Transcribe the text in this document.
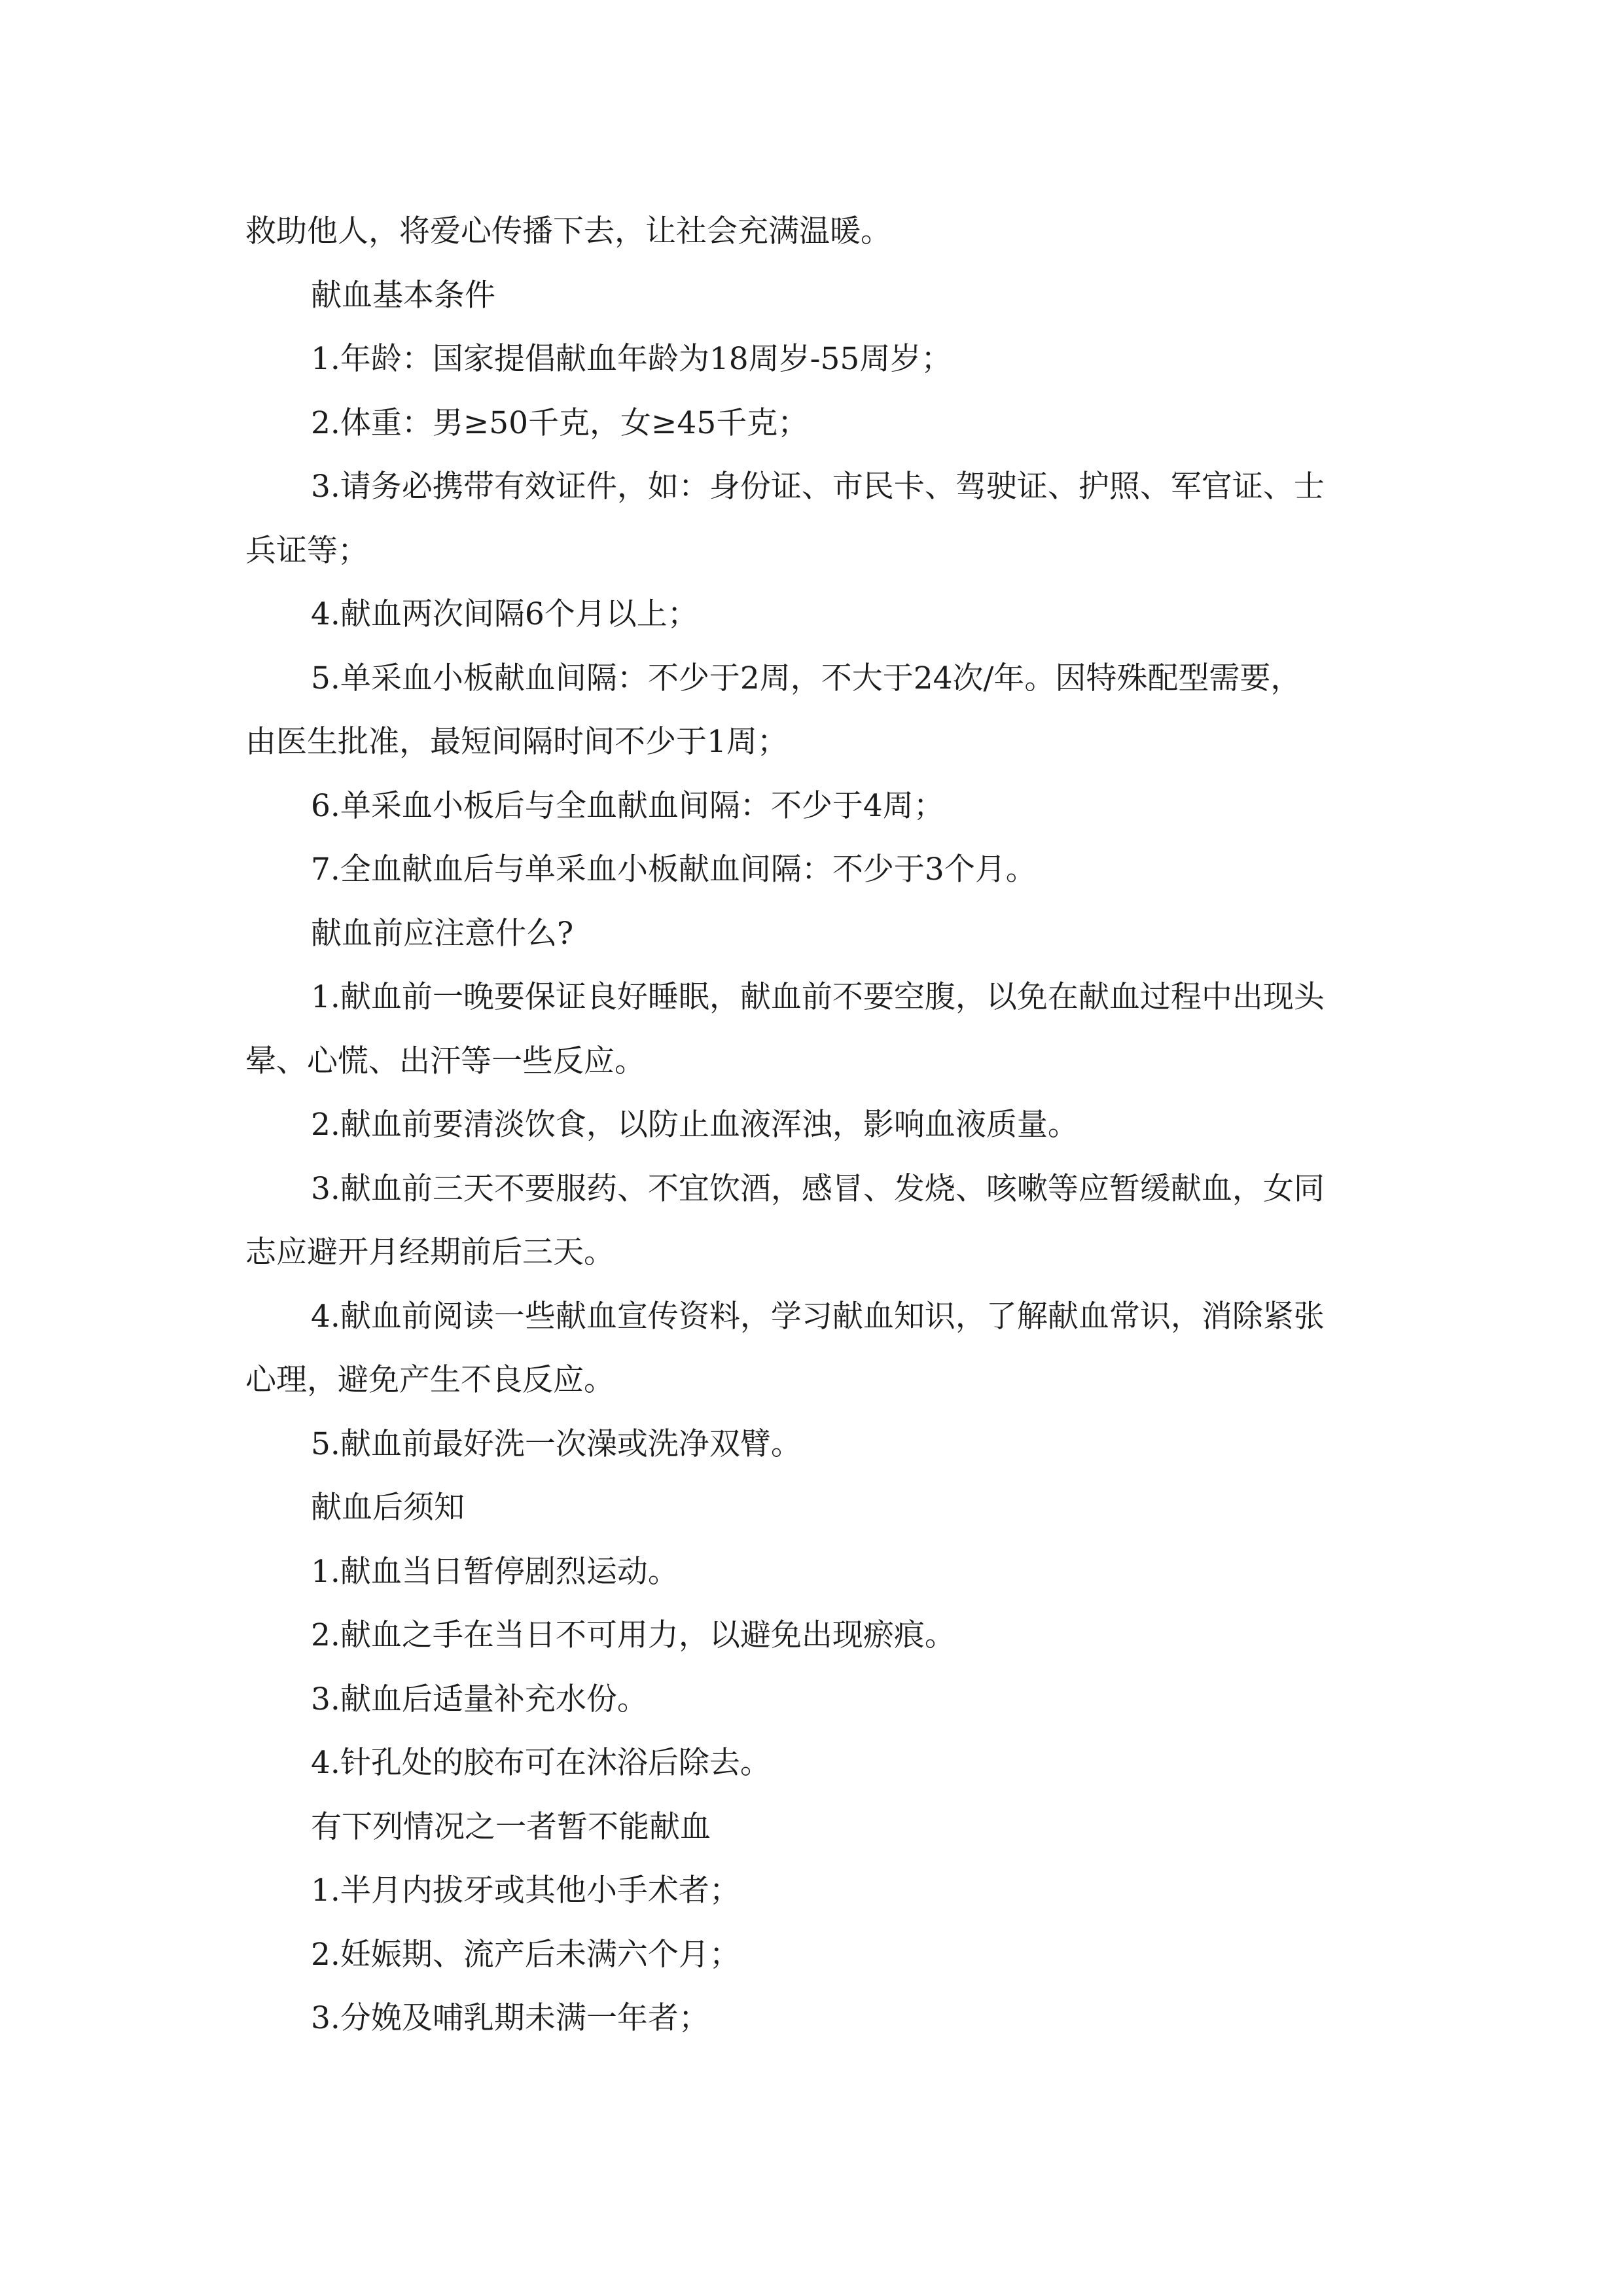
救助他人，将爱心传播下去，让社会充满温暖。
献血基本条件
1.年龄：国家提倡献血年龄为18周岁-55周岁；
2.体重：男≥50千克，女≥45千克；
3.请务必携带有效证件，如：身份证、市民卡、驾驶证、护照、军官证、士
兵证等；
4.献血两次间隔6个月以上；
5.单采血小板献血间隔：不少于2周，不大于24次/年。因特殊配型需要，
由医生批准，最短间隔时间不少于1周；
6.单采血小板后与全血献血间隔：不少于4周；
7.全血献血后与单采血小板献血间隔：不少于3个月。
献血前应注意什么?
1.献血前一晚要保证良好睡眠，献血前不要空腹，以免在献血过程中出现头
晕、心慌、出汗等一些反应。
2.献血前要清淡饮食，以防止血液浑浊，影响血液质量。
3.献血前三天不要服药、不宜饮酒，感冒、发烧、咳嗽等应暂缓献血，女同
志应避开月经期前后三天。
4.献血前阅读一些献血宣传资料，学习献血知识，了解献血常识，消除紧张
心理，避免产生不良反应。
5.献血前最好洗一次澡或洗净双臂。
献血后须知
1.献血当日暂停剧烈运动。
2.献血之手在当日不可用力，以避免出现瘀痕。
3.献血后适量补充水份。
4.针孔处的胶布可在沐浴后除去。
有下列情况之一者暂不能献血
1.半月内拔牙或其他小手术者；
2.妊娠期、流产后未满六个月；
3.分娩及哺乳期未满一年者；
